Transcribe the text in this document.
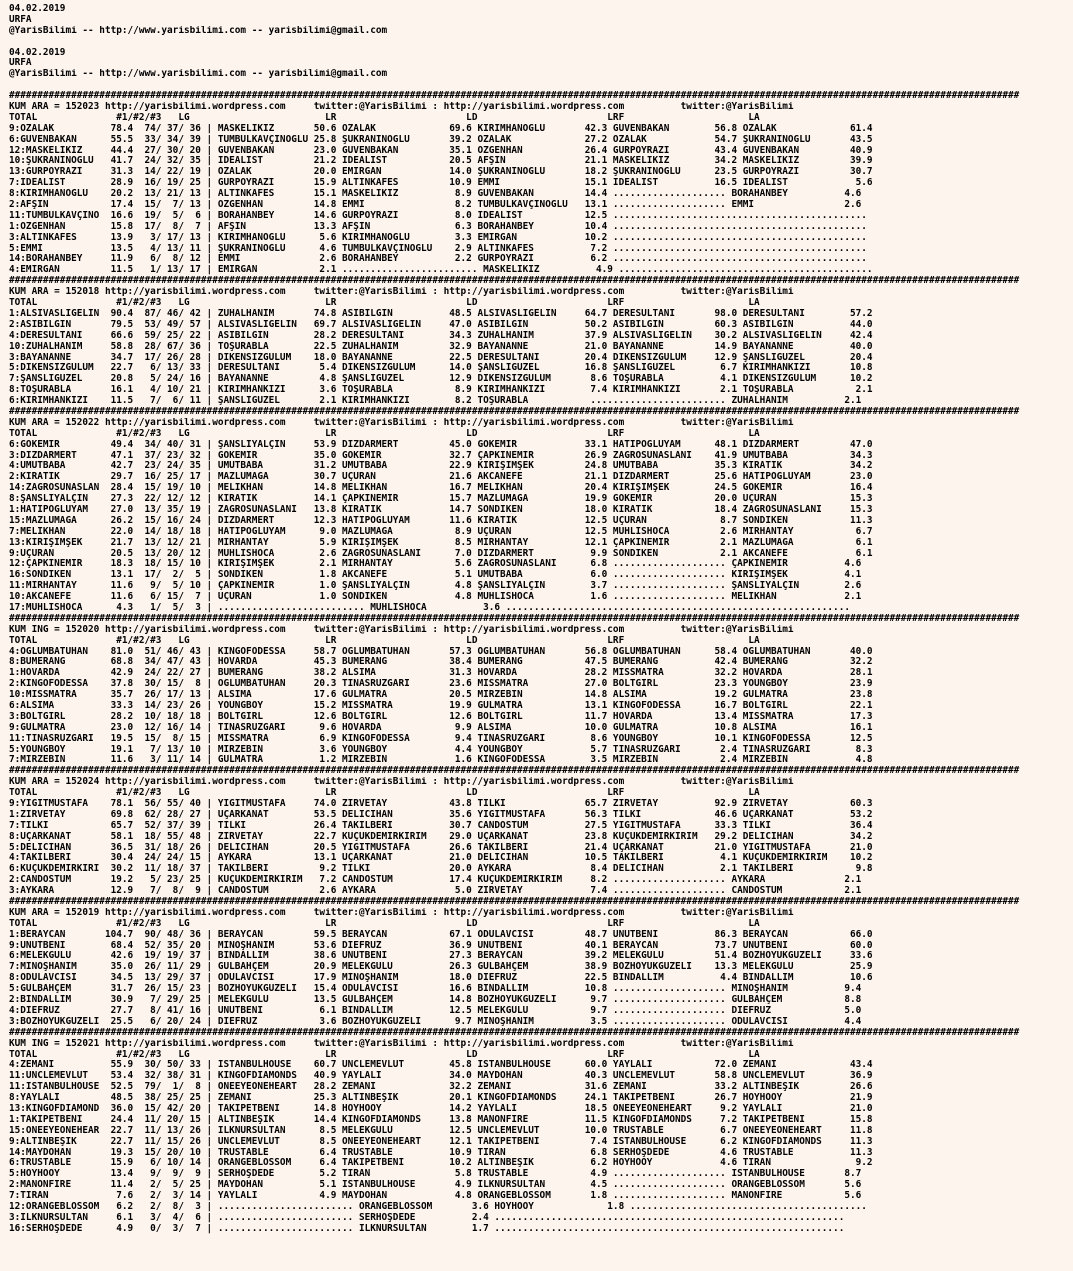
04.02.2019
URFA
@YarisBilimi -- http://www.yarisbilimi.com -- yarisbilimi@gmail.com
04.02.2019
URFA
@YarisBilimi -- http://www.yarisbilimi.com -- yarisbilimi@gmail.com
###################################################################################################################################################################################
KUM ARA = 152023 http://yarisbilimi.wordpress.com     twitter:@YarisBilimi : http://yarisbilimi.wordpress.com          twitter:@YarisBilimi
TOTAL              #1/#2/#3   LG                        LR                       LD                       LRF                      LA
9:ÖZALAK          78.4  74/ 37/ 36 | MASKELİKİZ       50.6 ÖZALAK             69.6 KIRIMHANOĞLU       42.3 GÜVENBAKAN        56.8 ÖZALAK             61.4
6:GÜVENBAKAN      55.5  33/ 34/ 39 | TUMBULKAVÇİNOĞLU 25.8 ŞÜKRANINOĞLU       39.2 ÖZALAK             27.2 ÖZALAK            54.7 ŞÜKRANINOĞLU       43.5
12:MASKELİKİZ     44.4  27/ 30/ 20 | GÜVENBAKAN       23.0 GÜVENBAKAN         35.1 ÖZGENHAN           26.4 GÜRPOYRAZI        43.4 GÜVENBAKAN         40.9
10:ŞÜKRANINOĞLU   41.7  24/ 32/ 35 | İDEALİST         21.2 İDEALİST           20.5 AFŞİN              21.1 MASKELİKİZ        34.2 MASKELİKİZ         39.9
13:GÜRPOYRAZI     31.3  14/ 22/ 19 | ÖZALAK           20.0 EMİRGAN            14.0 ŞÜKRANINOĞLU       18.2 ŞÜKRANINOĞLU      23.5 GÜRPOYRAZI         30.7
7:İDEALİST        28.9  16/ 19/ 25 | GÜRPOYRAZI       15.9 ALTINKAFES         10.9 EMMİ               15.1 İDEALİST          16.5 İDEALİST            5.6
8:KIRIMHANOĞLU    20.2  13/ 21/ 13 | ALTINKAFES       15.1 MASKELİKİZ          8.9 GÜVENBAKAN         14.4 .................... BORAHANBEY          4.6
2:AFŞİN           17.4  15/  7/ 13 | ÖZGENHAN         14.8 EMMİ                8.2 TUMBULKAVÇİNOĞLU   13.1 .................... EMMİ                2.6
11:TUMBULKAVÇİNO  16.6  19/  5/  6 | BORAHANBEY       14.6 GÜRPOYRAZI          8.0 İDEALİST           12.5 .............................................
1:ÖZGENHAN        15.8  17/  8/  7 | AFŞİN            13.3 AFŞİN               6.3 BORAHANBEY         10.4 .............................................
3:ALTINKAFES      13.9   3/ 17/ 13 | KIRIMHANOĞLU      5.6 KIRIMHANOĞLU        3.3 EMİRGAN            10.2 .............................................
5:EMMİ            13.5   4/ 13/ 11 | ŞÜKRANINOĞLU      4.6 TUMBULKAVÇİNOĞLU    2.9 ALTINKAFES          7.2 .............................................
14:BORAHANBEY     11.9   6/  8/ 12 | EMMİ              2.6 BORAHANBEY          2.2 GÜRPOYRAZI          6.2 .............................................
4:EMİRGAN         11.5   1/ 13/ 17 | EMİRGAN           2.1 ........................ MASKELİKİZ          4.9 .............................................
###################################################################################################################################################################################
KUM ARA = 152018 http://yarisbilimi.wordpress.com     twitter:@YarisBilimi : http://yarisbilimi.wordpress.com          twitter:@YarisBilimi
TOTAL              #1/#2/#3   LG                        LR                       LD                       LRF                      LA
1:ALSİVASLIGELİN  90.4  87/ 46/ 42 | ZÜHALHANIM       74.8 ASİBİLGİN          48.5 ALSİVASLIGELİN     64.7 DERESULTANI       98.0 DERESULTANI        57.2
2:ASİBİLGİN       79.5  53/ 49/ 57 | ALSİVASLIGELİN   69.7 ALSİVASLIGELİN     47.0 ASİBİLGİN          50.2 ASİBİLGİN         60.3 ASİBİLGİN          44.0
4:DERESULTANI     66.6  59/ 25/ 22 | ASİBİLGİN        28.2 DERESULTANI        34.3 ZÜHALHANIM         37.9 ALSİVASLIGELİN    30.2 ALSİVASLIGELİN     42.4
10:ZÜHALHANIM     58.8  28/ 67/ 36 | TOŞURABLA        22.5 ZÜHALHANIM         32.9 BAYANANNE          21.0 BAYANANNE         14.9 BAYANANNE          40.0
3:BAYANANNE       34.7  17/ 26/ 28 | DİKENSİZGÜLÜM    18.0 BAYANANNE          22.5 DERESULTANI        20.4 DİKENSİZGÜLÜM     12.9 ŞANSLIGÜZEL        20.4
5:DİKENSİZGÜLÜM   22.7   6/ 13/ 33 | DERESULTANI       5.4 DİKENSİZGÜLÜM      14.0 ŞANSLIGÜZEL        16.8 ŞANSLIGÜZEL        6.7 KIRIMHANKIZI       10.8
7:ŞANSLIGÜZEL     20.8   5/ 24/ 16 | BAYANANNE         4.8 ŞANSLIGÜZEL        12.9 DİKENSİZGÜLÜM       8.6 TOŞURABLA          4.1 DİKENSİZGÜLÜM      10.2
8:TOŞURABLA       16.1   4/ 10/ 21 | KIRIMHANKIZI      3.6 TOŞURABLA           8.9 KIRIMHANKIZI        7.4 KIRIMHANKIZI       2.1 TOŞURABLA           2.1
6:KIRIMHANKIZI    11.5   7/  6/ 11 | ŞANSLIGÜZEL       2.1 KIRIMHANKIZI        8.2 TOŞURABLA           ........................ ZÜHALHANIM          2.1
###################################################################################################################################################################################
KUM ARA = 152022 http://yarisbilimi.wordpress.com     twitter:@YarisBilimi : http://yarisbilimi.wordpress.com          twitter:@YarisBilimi
TOTAL              #1/#2/#3   LG                        LR                       LD                       LRF                      LA
6:GÖKEMİR         49.4  34/ 40/ 31 | ŞANSLIYALÇIN     53.9 DİZDARMERT         45.0 GÖKEMİR            33.1 HATİPOĞLUYAM      48.1 DİZDARMERT         47.0
3:DİZDARMERT      47.1  37/ 23/ 32 | GÖKEMİR          35.0 GÖKEMİR            32.7 ÇAPKINEMİR         26.9 ZAĞROSUNASLANI    41.9 UMUTBABA           34.3
4:UMUTBABA        42.7  23/ 24/ 35 | UMUTBABA         31.2 UMUTBABA           22.9 KİRİŞİMŞEK         24.8 UMUTBABA          35.3 KİRATİK            34.2
2:KİRATİK         29.7  16/ 25/ 17 | MAZLUMAĞA        30.7 UÇURAN             21.6 AKCANEFE           21.1 DİZDARMERT        25.6 HATİPOĞLUYAM       23.0
14:ZAĞROSUNASLAN  28.4  15/ 19/ 10 | MELİKHAN         14.8 MELİKHAN           16.7 MELİKHAN           20.4 KİRİŞİMŞEK        24.5 GÖKEMİR            16.4
8:ŞANSLIYALÇIN    27.3  22/ 12/ 12 | KİRATİK          14.1 ÇAPKINEMİR         15.7 MAZLUMAĞA          19.9 GÖKEMİR           20.0 UÇURAN             15.3
1:HATİPOĞLUYAM    27.0  13/ 35/ 19 | ZAĞROSUNASLANI   13.8 KİRATİK            14.7 SONDİKEN           18.0 KİRATİK           18.4 ZAĞROSUNASLANI     15.3
15:MAZLUMAĞA      26.2  15/ 16/ 24 | DİZDARMERT       12.3 HATİPOĞLUYAM       11.6 KİRATİK            12.5 UÇURAN             8.7 SONDİKEN           11.3
7:MELİKHAN        22.0  14/ 18/ 18 | HATİPOĞLUYAM      9.0 MAZLUMAĞA           8.9 UÇURAN             12.5 MÜHLİSHOCA         2.6 MİRHANTAY           6.7
13:KİRİŞİMŞEK     21.7  13/ 12/ 21 | MİRHANTAY         5.9 KİRİŞİMŞEK          8.5 MİRHANTAY          12.1 ÇAPKINEMİR         2.1 MAZLUMAĞA           6.1
9:UÇURAN          20.5  13/ 20/ 12 | MÜHLİSHOCA        2.6 ZAĞROSUNASLANI      7.0 DİZDARMERT          9.9 SONDİKEN           2.1 AKCANEFE            6.1
12:ÇAPKINEMİR     18.3  18/ 15/ 10 | KİRİŞİMŞEK        2.1 MİRHANTAY           5.6 ZAĞROSUNASLANI      6.8 .................... ÇAPKINEMİR          4.6
16:SONDİKEN       13.1  17/  2/  5 | SONDİKEN          1.8 AKCANEFE            5.1 UMUTBABA            6.0 .................... KİRİŞİMŞEK          4.1
11:MİRHANTAY      11.6   9/  5/ 10 | ÇAPKINEMİR        1.0 ŞANSLIYALÇIN        4.8 ŞANSLIYALÇIN        3.7 .................... ŞANSLIYALÇIN        2.6
10:AKCANEFE       11.6   6/ 15/  7 | UÇURAN            1.0 SONDİKEN            4.8 MÜHLİSHOCA          1.6 .................... MELİKHAN            2.1
17:MÜHLİSHOCA      4.3   1/  5/  3 | .......................... MÜHLİSHOCA          3.6 .............................................................
###################################################################################################################################################################################
KUM ING = 152020 http://yarisbilimi.wordpress.com     twitter:@YarisBilimi : http://yarisbilimi.wordpress.com          twitter:@YarisBilimi
TOTAL              #1/#2/#3   LG                        LR                       LD                       LRF                      LA
4:OGLUMBATUHAN    81.0  51/ 46/ 43 | KINGOFODESSA     58.7 OGLUMBATUHAN       57.3 OGLUMBATUHAN       56.8 OGLUMBATUHAN      58.4 OGLUMBATUHAN       40.0
8:BUMERANG        68.8  34/ 47/ 43 | HOVARDA          45.3 BUMERANG           38.4 BUMERANG           47.5 BUMERANG          42.4 BUMERANG           32.2
1:HOVARDA         42.9  24/ 22/ 27 | BUMERANG         38.2 ALSIMA             31.3 HOVARDA            28.2 MISSMATRA         32.2 HOVARDA            28.1
2:KINGOFODESSA    37.8  30/ 15/  8 | OGLUMBATUHAN     20.3 TINASRÜZGARI       23.6 MISSMATRA          27.0 BOLTGIRL          23.3 YOUNGBOY           23.9
10:MISSMATRA      35.7  26/ 17/ 13 | ALSIMA           17.6 GULMATRA           20.5 MİRZEBİN           14.8 ALSIMA            19.2 GULMATRA           23.8
6:ALSIMA          33.3  14/ 23/ 26 | YOUNGBOY         15.2 MISSMATRA          19.9 GULMATRA           13.1 KINGOFODESSA      16.7 BOLTGIRL           22.1
3:BOLTGIRL        28.2  10/ 18/ 18 | BOLTGIRL         12.6 BOLTGIRL           12.6 BOLTGIRL           11.7 HOVARDA           13.4 MISSMATRA          17.3
9:GULMATRA        23.0  12/ 16/ 14 | TINASRÜZGARI      9.6 HOVARDA             9.9 ALSIMA             10.0 GULMATRA          10.8 ALSIMA             16.1
11:TINASRÜZGARI   19.5  15/  8/ 15 | MISSMATRA         6.9 KINGOFODESSA        9.4 TINASRÜZGARI        8.6 YOUNGBOY          10.1 KINGOFODESSA       12.5
5:YOUNGBOY        19.1   7/ 13/ 10 | MİRZEBİN          3.6 YOUNGBOY            4.4 YOUNGBOY            5.7 TINASRÜZGARI       2.4 TINASRÜZGARI        8.3
7:MİRZEBİN        11.6   3/ 11/ 14 | GULMATRA          1.2 MİRZEBİN            1.6 KINGOFODESSA        3.5 MİRZEBİN           2.4 MİRZEBİN            4.8
###################################################################################################################################################################################
KUM ARA = 152024 http://yarisbilimi.wordpress.com     twitter:@YarisBilimi : http://yarisbilimi.wordpress.com          twitter:@YarisBilimi
TOTAL              #1/#2/#3   LG                        LR                       LD                       LRF                      LA
9:YİĞİTMUSTAFA    78.1  56/ 55/ 40 | YİĞİTMUSTAFA     74.0 ZİRVETAY           43.8 TİLKİ              65.7 ZİRVETAY          92.9 ZİRVETAY           60.3
1:ZİRVETAY        69.8  62/ 28/ 27 | UÇARKANAT        53.5 DELİCİHAN          35.6 YİĞİTMUSTAFA       56.3 TİLKİ             46.6 UÇARKANAT          53.2
7:TİLKİ           65.7  52/ 37/ 39 | TİLKİ            26.4 TAKILBERİ          30.7 CANDOSTUM          27.5 YİĞİTMUSTAFA      33.3 TİLKİ              36.4
8:UÇARKANAT       58.1  18/ 55/ 48 | ZİRVETAY         22.7 KÜÇÜKDEMİRKIRIM    29.0 UÇARKANAT          23.8 KÜÇÜKDEMİRKIRIM   29.2 DELİCİHAN          34.2
5:DELİCİHAN       36.5  31/ 18/ 26 | DELİCİHAN        20.5 YİĞİTMUSTAFA       26.6 TAKILBERİ          21.4 UÇARKANAT         21.0 YİĞİTMUSTAFA       21.0
4:TAKILBERİ       30.4  24/ 24/ 15 | AYKARA           13.1 UÇARKANAT          21.0 DELİCİHAN          10.5 TAKILBERİ          4.1 KÜÇÜKDEMİRKIRIM    10.2
6:KÜÇÜKDEMİRKIRI  30.2  11/ 18/ 37 | TAKILBERİ         9.2 TİLKİ              20.0 AYKARA              8.4 DELİCİHAN          2.1 TAKILBERİ           9.8
2:CANDOSTUM       19.2   5/ 23/ 25 | KÜÇÜKDEMİRKIRIM   7.2 CANDOSTUM          17.4 KÜÇÜKDEMİRKIRIM     8.2 .................... AYKARA              2.1
3:AYKARA          12.9   7/  8/  9 | CANDOSTUM         2.6 AYKARA              5.0 ZİRVETAY            7.4 .................... CANDOSTUM           2.1
###################################################################################################################################################################################
KUM ARA = 152019 http://yarisbilimi.wordpress.com     twitter:@YarisBilimi : http://yarisbilimi.wordpress.com          twitter:@YarisBilimi
TOTAL              #1/#2/#3   LG                        LR                       LD                       LRF                      LA
1:BERAYCAN       104.7  90/ 48/ 36 | BERAYCAN         59.5 BERAYCAN           67.1 ÖDÜLAVCISI         48.7 UNUTBENİ          86.3 BERAYCAN           66.0
9:UNUTBENİ        68.4  52/ 35/ 20 | MİNOŞHANIM       53.6 DİEFRUZ            36.9 UNUTBENİ           40.1 BERAYCAN          73.7 UNUTBENİ           60.0
6:MELEKGÜLÜ       42.6  19/ 19/ 37 | BİNDALLIM        38.6 UNUTBENİ           27.3 BERAYCAN           39.2 MELEKGÜLÜ         51.4 BOZHOYUKGÜZELİ     33.6
7:MİNOŞHANIM      35.0  26/ 11/ 29 | GÜLBAHÇEM        20.9 MELEKGÜLÜ          26.3 GÜLBAHÇEM          38.9 BOZHOYUKGÜZELİ    13.3 MELEKGÜLÜ          25.9
8:ÖDÜLAVCISI      34.5  13/ 29/ 37 | ÖDÜLAVCISI       17.9 MİNOŞHANIM         18.0 DİEFRUZ            22.5 BİNDALLIM          4.4 BİNDALLIM          10.6
5:GÜLBAHÇEM       31.7  26/ 15/ 23 | BOZHOYUKGÜZELİ   15.4 ÖDÜLAVCISI         16.6 BİNDALLIM          10.8 .................... MİNOŞHANIM          9.4
2:BİNDALLIM       30.9   7/ 29/ 25 | MELEKGÜLÜ        13.5 GÜLBAHÇEM          14.8 BOZHOYUKGÜZELİ      9.7 .................... GÜLBAHÇEM           8.8
4:DİEFRUZ         27.7   8/ 41/ 16 | UNUTBENİ          6.1 BİNDALLIM          12.5 MELEKGÜLÜ           9.7 .................... DİEFRUZ             5.0
3:BOZHOYUKGÜZELİ  25.5   6/ 20/ 24 | DİEFRUZ           3.6 BOZHOYUKGÜZELİ      9.7 MİNOŞHANIM          3.5 .................... ÖDÜLAVCISI          4.4
###################################################################################################################################################################################
KUM ING = 152021 http://yarisbilimi.wordpress.com     twitter:@YarisBilimi : http://yarisbilimi.wordpress.com          twitter:@YarisBilimi
TOTAL              #1/#2/#3   LG                        LR                       LD                       LRF                      LA
4:ZEMANİ          55.9  30/ 50/ 33 | ISTANBULHOUSE    60.7 UNCLEMEVLÜT        45.8 ISTANBULHOUSE      60.0 YAYLALI           72.0 ZEMANİ             43.4
11:UNCLEMEVLÜT    53.4  32/ 38/ 31 | KINGOFDIAMONDS   40.9 YAYLALI            34.0 MAYDOHAN           40.3 UNCLEMEVLÜT       58.8 UNCLEMEVLÜT        36.9
11:ISTANBULHOUSE  52.5  79/  1/  8 | ONEEYEONEHEART   28.2 ZEMANİ             32.2 ZEMANİ             31.6 ZEMANİ            33.2 ALTINBEŞİK         26.6
8:YAYLALI         48.5  38/ 25/ 25 | ZEMANİ           25.3 ALTINBEŞİK         20.1 KINGOFDIAMONDS     24.1 TAKİPETBENİ       26.7 HOYHOOY            21.9
13:KINGOFDIAMOND  36.0  15/ 42/ 20 | TAKİPETBENİ      14.8 HOYHOOY            14.2 YAYLALI            18.5 ONEEYEONEHEART     9.2 YAYLALI            21.0
1:TAKİPETBENİ     24.4  11/ 20/ 15 | ALTINBEŞİK       14.4 KINGOFDIAMONDS     13.8 MANONFIRE          11.5 KINGOFDIAMONDS     7.2 TAKİPETBENİ        15.8
15:ONEEYEONEHEAR  22.7  11/ 13/ 26 | İLKNURSULTAN      8.5 MELEKGÜLÜ          12.5 UNCLEMEVLÜT        10.0 TRUSTABLE          6.7 ONEEYEONEHEART     11.8
9:ALTINBEŞİK      22.7  11/ 15/ 26 | UNCLEMEVLÜT       8.5 ONEEYEONEHEART     12.1 TAKİPETBENİ         7.4 ISTANBULHOUSE      6.2 KINGOFDIAMONDS     11.3
14:MAYDOHAN       19.3  15/ 20/ 10 | TRUSTABLE         6.4 TRUSTABLE          10.9 TİRAN               6.8 SERHOŞDEDE         4.6 TRUSTABLE          11.3
6:TRUSTABLE       15.9   6/ 10/ 14 | ORANGEBLOSSOM     6.4 TAKİPETBENİ        10.2 ALTINBEŞİK          6.2 HOYHOOY            4.6 TİRAN               9.2
5:HOYHOOY         13.4   9/  9/  9 | SERHOŞDEDE        5.2 TİRAN               5.8 TRUSTABLE           4.9 .................... ISTANBULHOUSE       8.7
2:MANONFIRE       11.4   2/  5/ 25 | MAYDOHAN          5.1 ISTANBULHOUSE       4.9 İLKNURSULTAN        4.5 .................... ORANGEBLOSSOM       5.6
7:TİRAN            7.6   2/  3/ 14 | YAYLALI           4.9 MAYDOHAN            4.8 ORANGEBLOSSOM       1.8 .................... MANONFIRE           5.6
12:ORANGEBLOSSOM   6.2   2/  8/  3 | ........................ ORANGEBLOSSOM       3.6 HOYHOOY             1.8 ..........................................
3:İLKNURSULTAN     6.1   3/  4/  6 | ........................ SERHOŞDEDE          2.4 ..............................................................
16:SERHOŞDEDE      4.9   0/  3/  7 | ........................ İLKNURSULTAN        1.7 ..............................................................
